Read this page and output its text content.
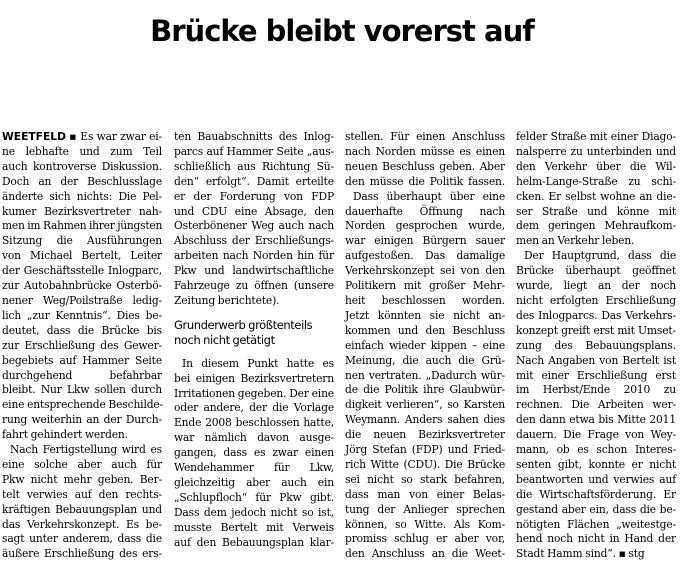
Brücke bleibt vorerst auf

WEETFELD ▪ Es war zwar ei-
ne lebhafte und zum Teil
auch kontroverse Diskussion.
Doch an der Beschlusslage
änderte sich nichts: Die Pel-
kumer Bezirksvertreter nah-
men im Rahmen ihrer jüngsten
Sitzung die Ausführungen
von Michael Bertelt, Leiter
der Geschäftsstelle Inlogparc,
zur Autobahnbrücke Osterbö-
nener Weg/Poilstraße ledig-
lich „zur Kenntnis“. Dies be-
deutet, dass die Brücke bis
zur Erschließung des Gewer-
begebiets auf Hammer Seite
durchgehend befahrbar
bleibt. Nur Lkw sollen durch
eine entsprechende Beschilde-
rung weiterhin an der Durch-
fahrt gehindert werden.
Nach Fertigstellung wird es
eine solche aber auch für
Pkw nicht mehr geben. Ber-
telt verwies auf den rechts-
kräftigen Bebauungsplan und
das Verkehrskonzept. Es be-
sagt unter anderem, dass die
äußere Erschließung des ers-
ten Bauabschnitts des Inlog-
parcs auf Hammer Seite „aus-
schließlich aus Richtung Sü-
den“ erfolgt“. Damit erteilte
er der Forderung von FDP
und CDU eine Absage, den
Osterbönener Weg auch nach
Abschluss der Erschließungs-
arbeiten nach Norden hin für
Pkw und landwirtschaftliche
Fahrzeuge zu öffnen (unsere
Zeitung berichtete).
Grunderwerb größtenteils
noch nicht getätigt
In diesem Punkt hatte es
bei einigen Bezirksvertretern
Irritationen gegeben. Der eine
oder andere, der die Vorlage
Ende 2008 beschlossen hatte,
war nämlich davon ausge-
gangen, dass es zwar einen
Wendehammer für Lkw,
gleichzeitig aber auch ein
„Schlupfloch“ für Pkw gibt.
Dass dem jedoch nicht so ist,
musste Bertelt mit Verweis
auf den Bebauungsplan klar-
stellen. Für einen Anschluss
nach Norden müsse es einen
neuen Beschluss geben. Aber
den müsse die Politik fassen.
Dass überhaupt über eine
dauerhafte Öffnung nach
Norden gesprochen wurde,
war einigen Bürgern sauer
aufgestoßen. Das damalige
Verkehrskonzept sei von den
Politikern mit großer Mehr-
heit beschlossen worden.
Jetzt könnten sie nicht an-
kommen und den Beschluss
einfach wieder kippen – eine
Meinung, die auch die Grü-
nen vertraten. „Dadurch wür-
de die Politik ihre Glaubwür-
digkeit verlieren“, so Karsten
Weymann. Anders sahen dies
die neuen Bezirksvertreter
Jörg Stefan (FDP) und Fried-
rich Witte (CDU). Die Brücke
sei nicht so stark befahren,
dass man von einer Belas-
tung der Anlieger sprechen
können, so Witte. Als Kom-
promiss schlug er aber vor,
den Anschluss an die Weet-
felder Straße mit einer Diago-
nalsperre zu unterbinden und
den Verkehr über die Wil-
helm-Lange-Straße zu schi-
cken. Er selbst wohne an die-
ser Straße und könne mit
dem geringen Mehraufkom-
men an Verkehr leben.
Der Hauptgrund, dass die
Brücke überhaupt geöffnet
wurde, liegt an der noch
nicht erfolgten Erschließung
des Inlogparcs. Das Verkehrs-
konzept greift erst mit Umset-
zung des Bebauungsplans.
Nach Angaben von Bertelt ist
mit einer Erschließung erst
im Herbst/Ende 2010 zu
rechnen. Die Arbeiten wer-
den dann etwa bis Mitte 2011
dauern. Die Frage von Wey-
mann, ob es schon Interes-
senten gibt, konnte er nicht
beantworten und verwies auf
die Wirtschaftsförderung. Er
gestand aber ein, dass die be-
nötigten Flächen „weitestge-
hend noch nicht in Hand der
Stadt Hamm sind“. ▪ stg
